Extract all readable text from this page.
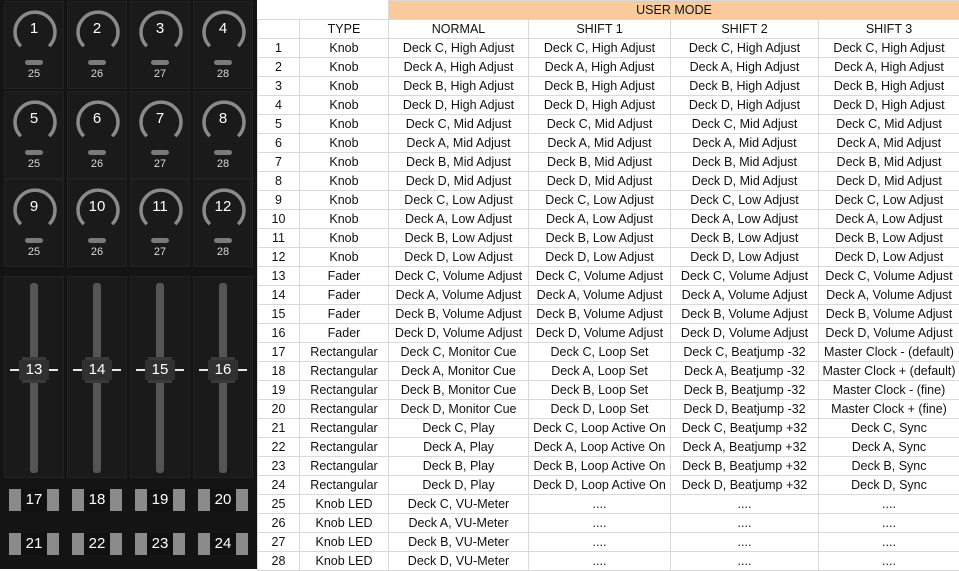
1
25
2
26
3
27
4
28
5
25
6
26
7
27
8
28
9
25
10
26
11
27
12
28
13	14	15	16
17	18	19	20
21	22	23	24
		USER MODE			
	TYPE	NORMAL	SHIFT 1	SHIFT 2	SHIFT 3
1	Knob	Deck C, High Adjust	Deck C, High Adjust	Deck C, High Adjust	Deck C, High Adjust
2	Knob	Deck A, High Adjust	Deck A, High Adjust	Deck A, High Adjust	Deck A, High Adjust
3	Knob	Deck B, High Adjust	Deck B, High Adjust	Deck B, High Adjust	Deck B, High Adjust
4	Knob	Deck D, High Adjust	Deck D, High Adjust	Deck D, High Adjust	Deck D, High Adjust
5	Knob	Deck C, Mid Adjust	Deck C, Mid Adjust	Deck C, Mid Adjust	Deck C, Mid Adjust
6	Knob	Deck A, Mid Adjust	Deck A, Mid Adjust	Deck A, Mid Adjust	Deck A, Mid Adjust
7	Knob	Deck B, Mid Adjust	Deck B, Mid Adjust	Deck B, Mid Adjust	Deck B, Mid Adjust
8	Knob	Deck D, Mid Adjust	Deck D, Mid Adjust	Deck D, Mid Adjust	Deck D, Mid Adjust
9	Knob	Deck C, Low Adjust	Deck C, Low Adjust	Deck C, Low Adjust	Deck C, Low Adjust
10	Knob	Deck A, Low Adjust	Deck A, Low Adjust	Deck A, Low Adjust	Deck A, Low Adjust
11	Knob	Deck B, Low Adjust	Deck B, Low Adjust	Deck B, Low Adjust	Deck B, Low Adjust
12	Knob	Deck D, Low Adjust	Deck D, Low Adjust	Deck D, Low Adjust	Deck D, Low Adjust
13	Fader	Deck C, Volume Adjust	Deck C, Volume Adjust	Deck C, Volume Adjust	Deck C, Volume Adjust
14	Fader	Deck A, Volume Adjust	Deck A, Volume Adjust	Deck A, Volume Adjust	Deck A, Volume Adjust
15	Fader	Deck B, Volume Adjust	Deck B, Volume Adjust	Deck B, Volume Adjust	Deck B, Volume Adjust
16	Fader	Deck D, Volume Adjust	Deck D, Volume Adjust	Deck D, Volume Adjust	Deck D, Volume Adjust
17	Rectangular	Deck C, Monitor Cue	Deck C, Loop Set	Deck C, Beatjump -32	Master Clock - (default)
18	Rectangular	Deck A, Monitor Cue	Deck A, Loop Set	Deck A, Beatjump -32	Master Clock + (default)
19	Rectangular	Deck B, Monitor Cue	Deck B, Loop Set	Deck B, Beatjump -32	Master Clock - (fine)
20	Rectangular	Deck D, Monitor Cue	Deck D, Loop Set	Deck D, Beatjump -32	Master Clock + (fine)
21	Rectangular	Deck C, Play	Deck C, Loop Active On	Deck C, Beatjump +32	Deck C, Sync
22	Rectangular	Deck A, Play	Deck A, Loop Active On	Deck A, Beatjump +32	Deck A, Sync
23	Rectangular	Deck B, Play	Deck B, Loop Active On	Deck B, Beatjump +32	Deck B, Sync
24	Rectangular	Deck D, Play	Deck D, Loop Active On	Deck D, Beatjump +32	Deck D, Sync
25	Knob LED	Deck C, VU-Meter	....	....	....
26	Knob LED	Deck A, VU-Meter	....	....	....
27	Knob LED	Deck B, VU-Meter	....	....	....
28	Knob LED	Deck D, VU-Meter	....	....	....
